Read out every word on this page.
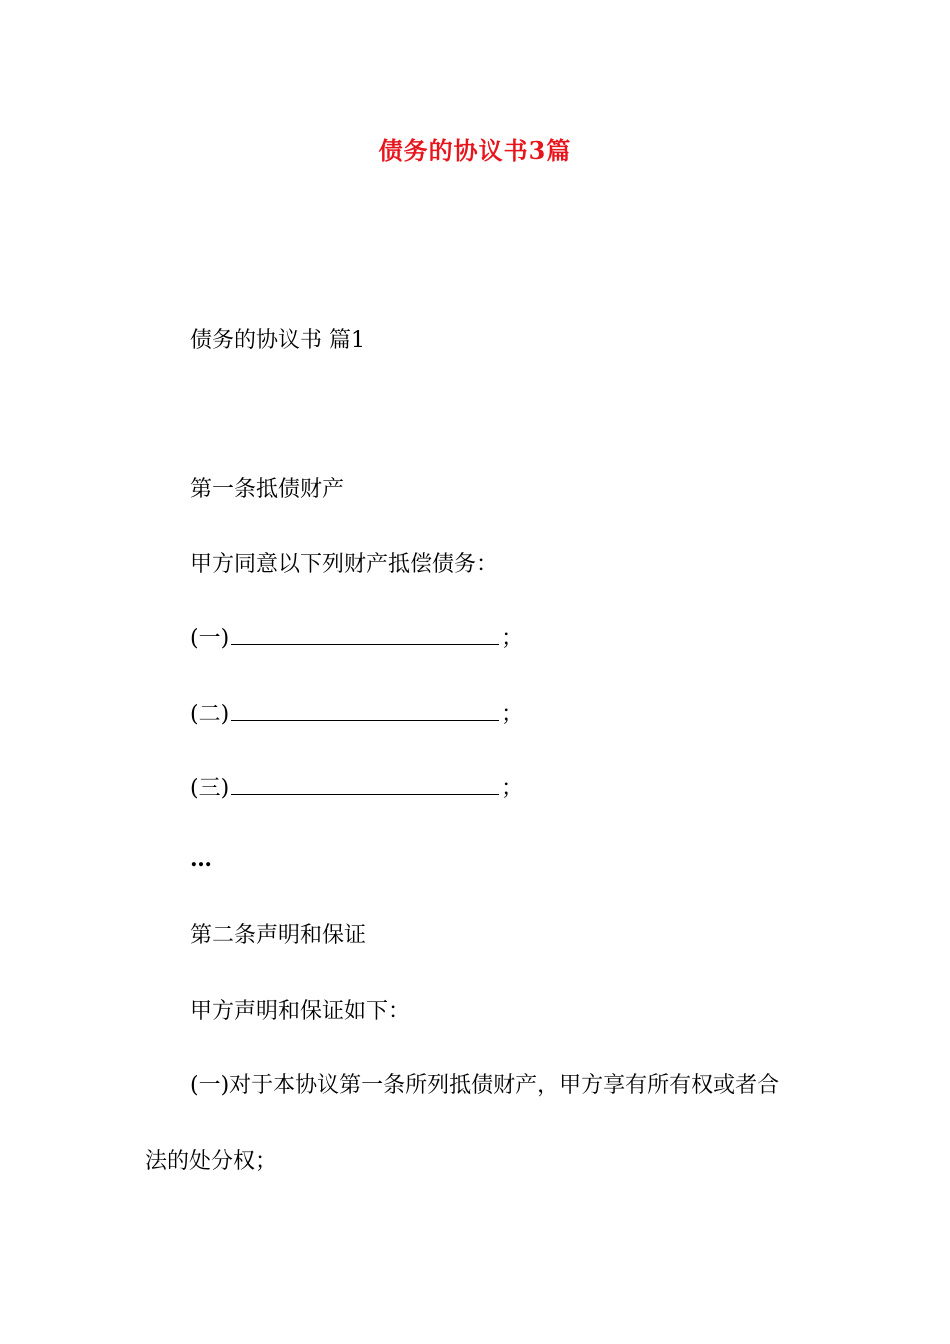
债务的协议书3篇
债务的协议书 篇1
第一条抵债财产
甲方同意以下列财产抵偿债务：
(一)	；
(二)	；
(三)	；
…
第二条声明和保证
甲方声明和保证如下：
(一)对于本协议第一条所列抵债财产，甲方享有所有权或者合
法的处分权；
